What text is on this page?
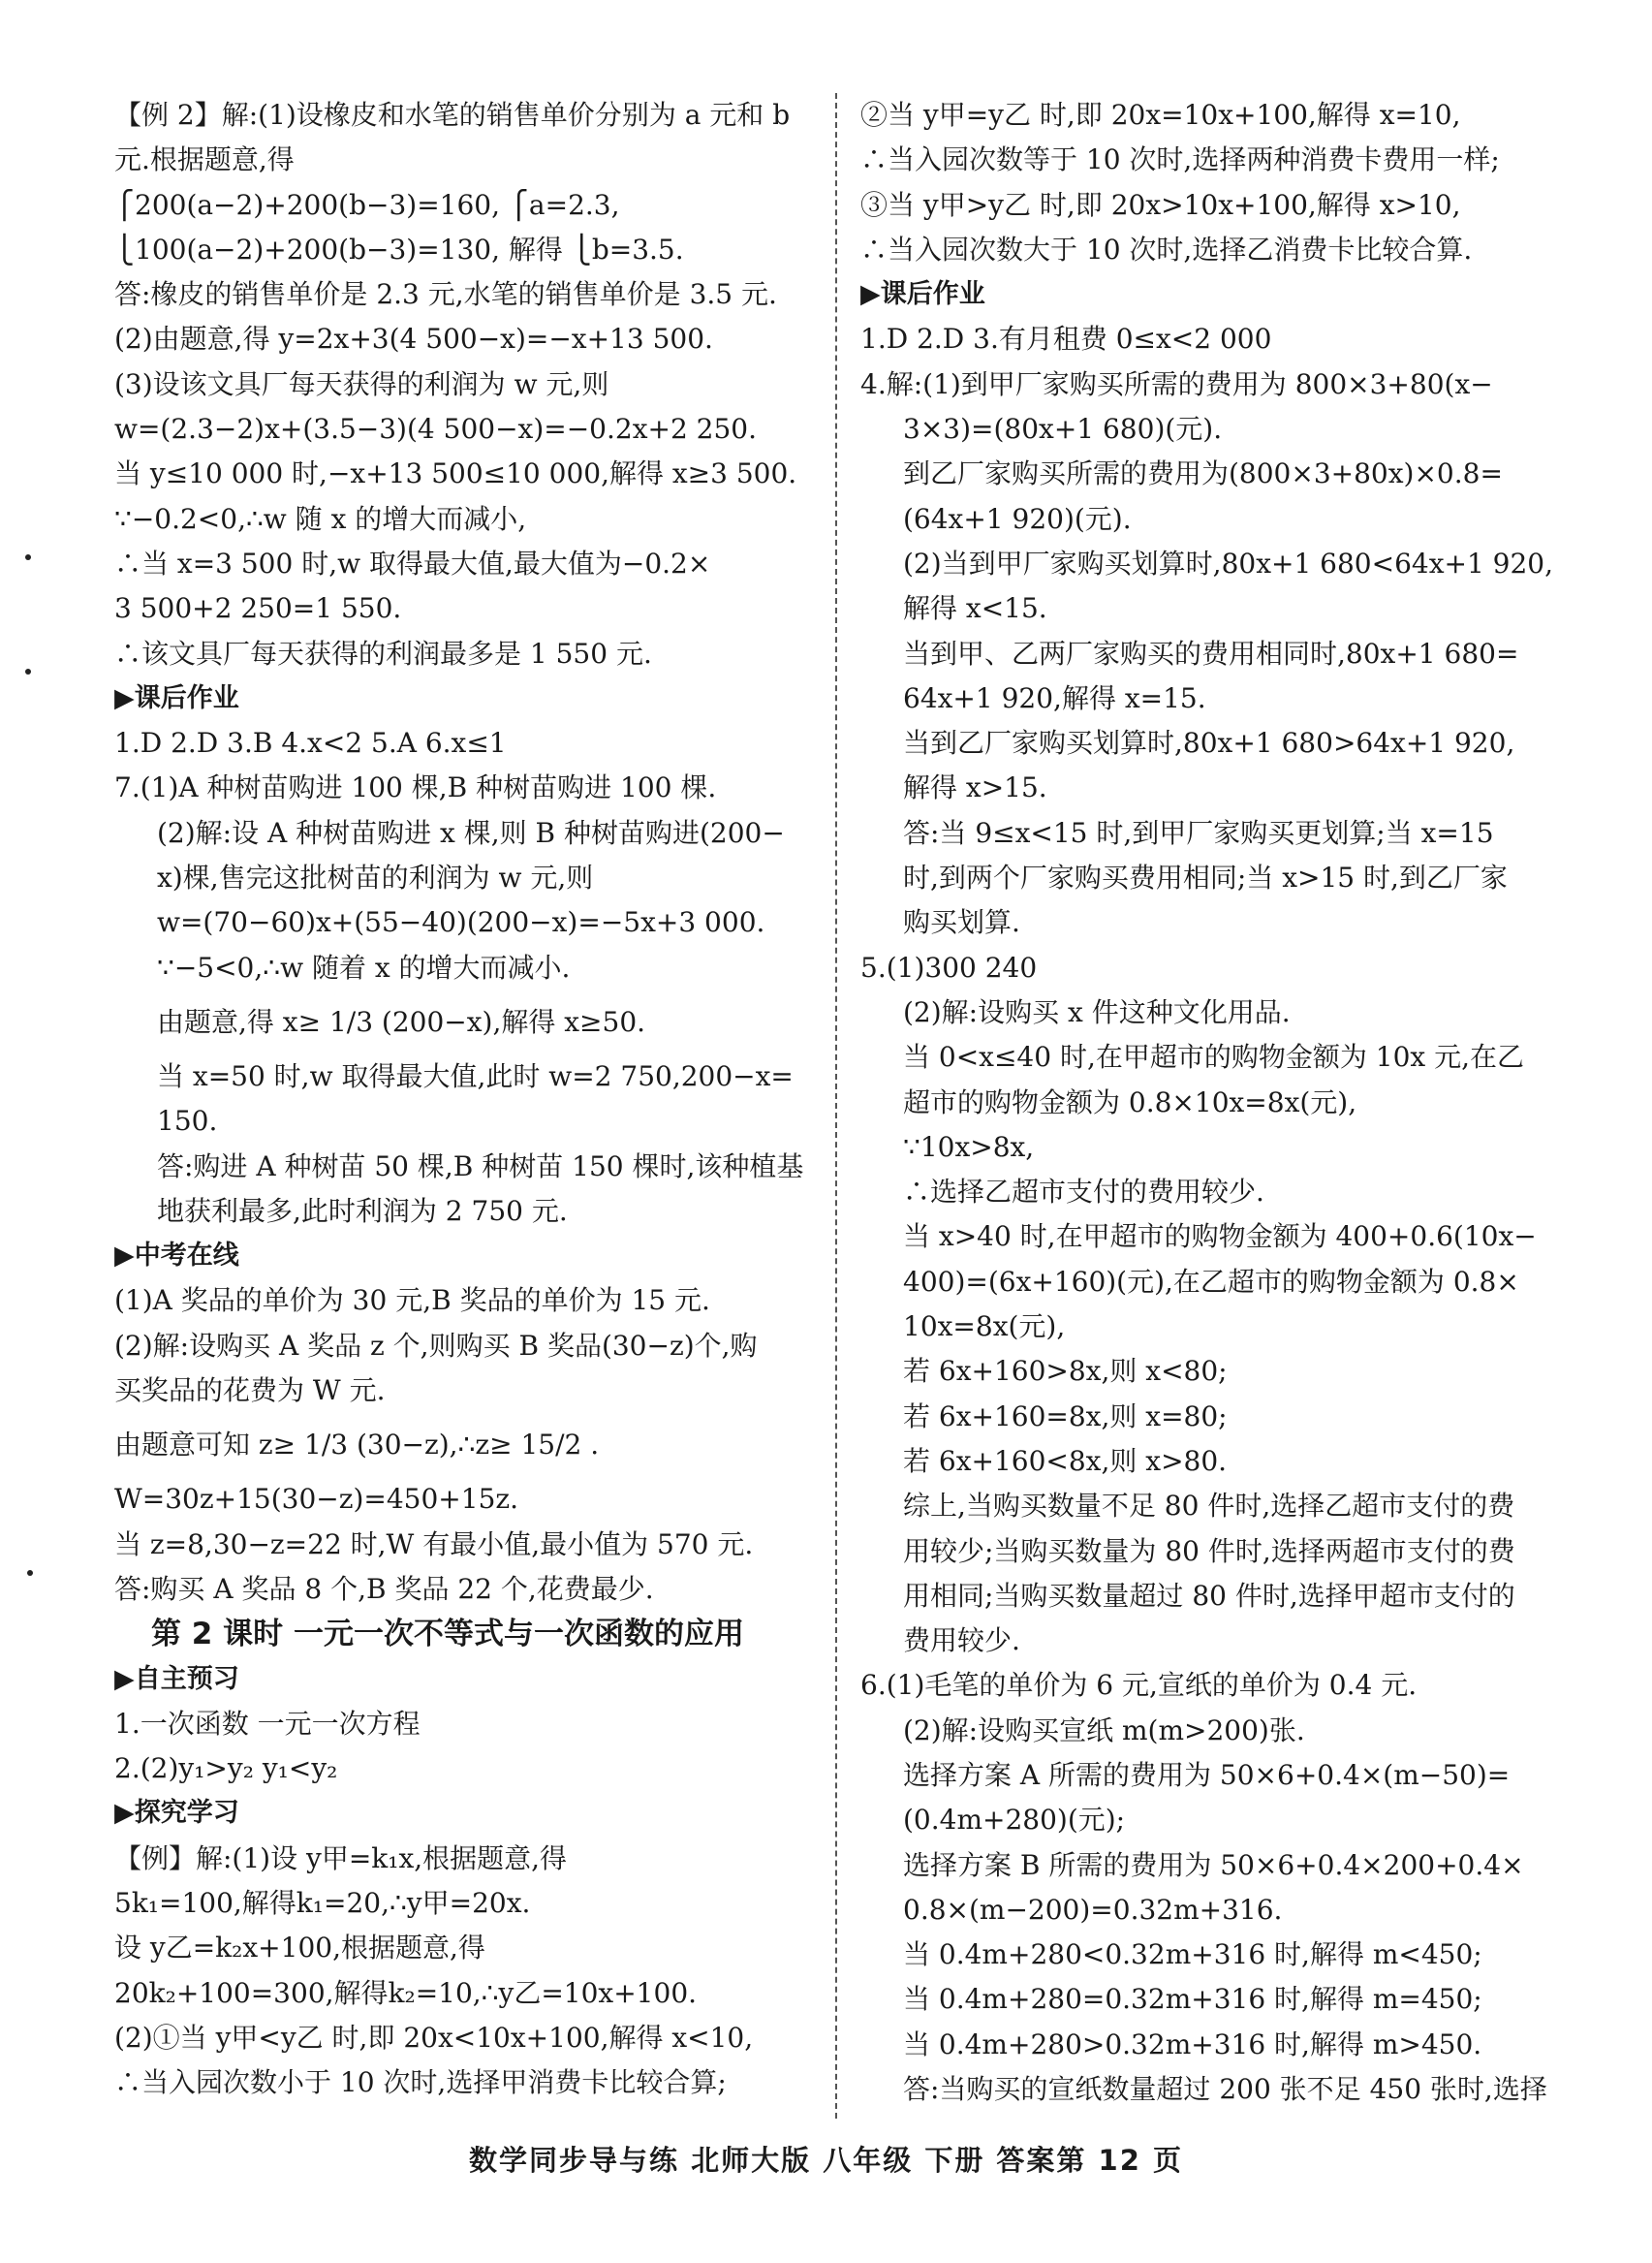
【例 2】解:(1)设橡皮和水笔的销售单价分别为 a 元和 b
元.根据题意,得
⎧200(a−2)+200(b−3)=160, ⎧a=2.3,
⎩100(a−2)+200(b−3)=130, 解得 ⎩b=3.5.
答:橡皮的销售单价是 2.3 元,水笔的销售单价是 3.5 元.
(2)由题意,得 y=2x+3(4 500−x)=−x+13 500.
(3)设该文具厂每天获得的利润为 w 元,则
w=(2.3−2)x+(3.5−3)(4 500−x)=−0.2x+2 250.
当 y≤10 000 时,−x+13 500≤10 000,解得 x≥3 500.
∵−0.2<0,∴w 随 x 的增大而减小,
∴当 x=3 500 时,w 取得最大值,最大值为−0.2×
3 500+2 250=1 550.
∴该文具厂每天获得的利润最多是 1 550 元.
▶课后作业
1.D 2.D 3.B 4.x<2 5.A 6.x≤1
7.(1)A 种树苗购进 100 棵,B 种树苗购进 100 棵.
(2)解:设 A 种树苗购进 x 棵,则 B 种树苗购进(200−
x)棵,售完这批树苗的利润为 w 元,则
w=(70−60)x+(55−40)(200−x)=−5x+3 000.
∵−5<0,∴w 随着 x 的增大而减小.
由题意,得 x≥ 1/3 (200−x),解得 x≥50.
当 x=50 时,w 取得最大值,此时 w=2 750,200−x=
150.
答:购进 A 种树苗 50 棵,B 种树苗 150 棵时,该种植基
地获利最多,此时利润为 2 750 元.
▶中考在线
(1)A 奖品的单价为 30 元,B 奖品的单价为 15 元.
(2)解:设购买 A 奖品 z 个,则购买 B 奖品(30−z)个,购
买奖品的花费为 W 元.
由题意可知 z≥ 1/3 (30−z),∴z≥ 15/2 .
W=30z+15(30−z)=450+15z.
当 z=8,30−z=22 时,W 有最小值,最小值为 570 元.
答:购买 A 奖品 8 个,B 奖品 22 个,花费最少.
第 2 课时 一元一次不等式与一次函数的应用
▶自主预习
1.一次函数 一元一次方程
2.(2)y₁>y₂ y₁<y₂
▶探究学习
【例】解:(1)设 y甲=k₁x,根据题意,得
5k₁=100,解得k₁=20,∴y甲=20x.
设 y乙=k₂x+100,根据题意,得
20k₂+100=300,解得k₂=10,∴y乙=10x+100.
(2)①当 y甲<y乙 时,即 20x<10x+100,解得 x<10,
∴当入园次数小于 10 次时,选择甲消费卡比较合算;
②当 y甲=y乙 时,即 20x=10x+100,解得 x=10,
∴当入园次数等于 10 次时,选择两种消费卡费用一样;
③当 y甲>y乙 时,即 20x>10x+100,解得 x>10,
∴当入园次数大于 10 次时,选择乙消费卡比较合算.
▶课后作业
1.D 2.D 3.有月租费 0≤x<2 000
4.解:(1)到甲厂家购买所需的费用为 800×3+80(x−
3×3)=(80x+1 680)(元).
到乙厂家购买所需的费用为(800×3+80x)×0.8=
(64x+1 920)(元).
(2)当到甲厂家购买划算时,80x+1 680<64x+1 920,
解得 x<15.
当到甲、乙两厂家购买的费用相同时,80x+1 680=
64x+1 920,解得 x=15.
当到乙厂家购买划算时,80x+1 680>64x+1 920,
解得 x>15.
答:当 9≤x<15 时,到甲厂家购买更划算;当 x=15
时,到两个厂家购买费用相同;当 x>15 时,到乙厂家
购买划算.
5.(1)300 240
(2)解:设购买 x 件这种文化用品.
当 0<x≤40 时,在甲超市的购物金额为 10x 元,在乙
超市的购物金额为 0.8×10x=8x(元),
∵10x>8x,
∴选择乙超市支付的费用较少.
当 x>40 时,在甲超市的购物金额为 400+0.6(10x−
400)=(6x+160)(元),在乙超市的购物金额为 0.8×
10x=8x(元),
若 6x+160>8x,则 x<80;
若 6x+160=8x,则 x=80;
若 6x+160<8x,则 x>80.
综上,当购买数量不足 80 件时,选择乙超市支付的费
用较少;当购买数量为 80 件时,选择两超市支付的费
用相同;当购买数量超过 80 件时,选择甲超市支付的
费用较少.
6.(1)毛笔的单价为 6 元,宣纸的单价为 0.4 元.
(2)解:设购买宣纸 m(m>200)张.
选择方案 A 所需的费用为 50×6+0.4×(m−50)=
(0.4m+280)(元);
选择方案 B 所需的费用为 50×6+0.4×200+0.4×
0.8×(m−200)=0.32m+316.
当 0.4m+280<0.32m+316 时,解得 m<450;
当 0.4m+280=0.32m+316 时,解得 m=450;
当 0.4m+280>0.32m+316 时,解得 m>450.
答:当购买的宣纸数量超过 200 张不足 450 张时,选择
数学同步导与练 北师大版 八年级 下册 答案第 12 页
